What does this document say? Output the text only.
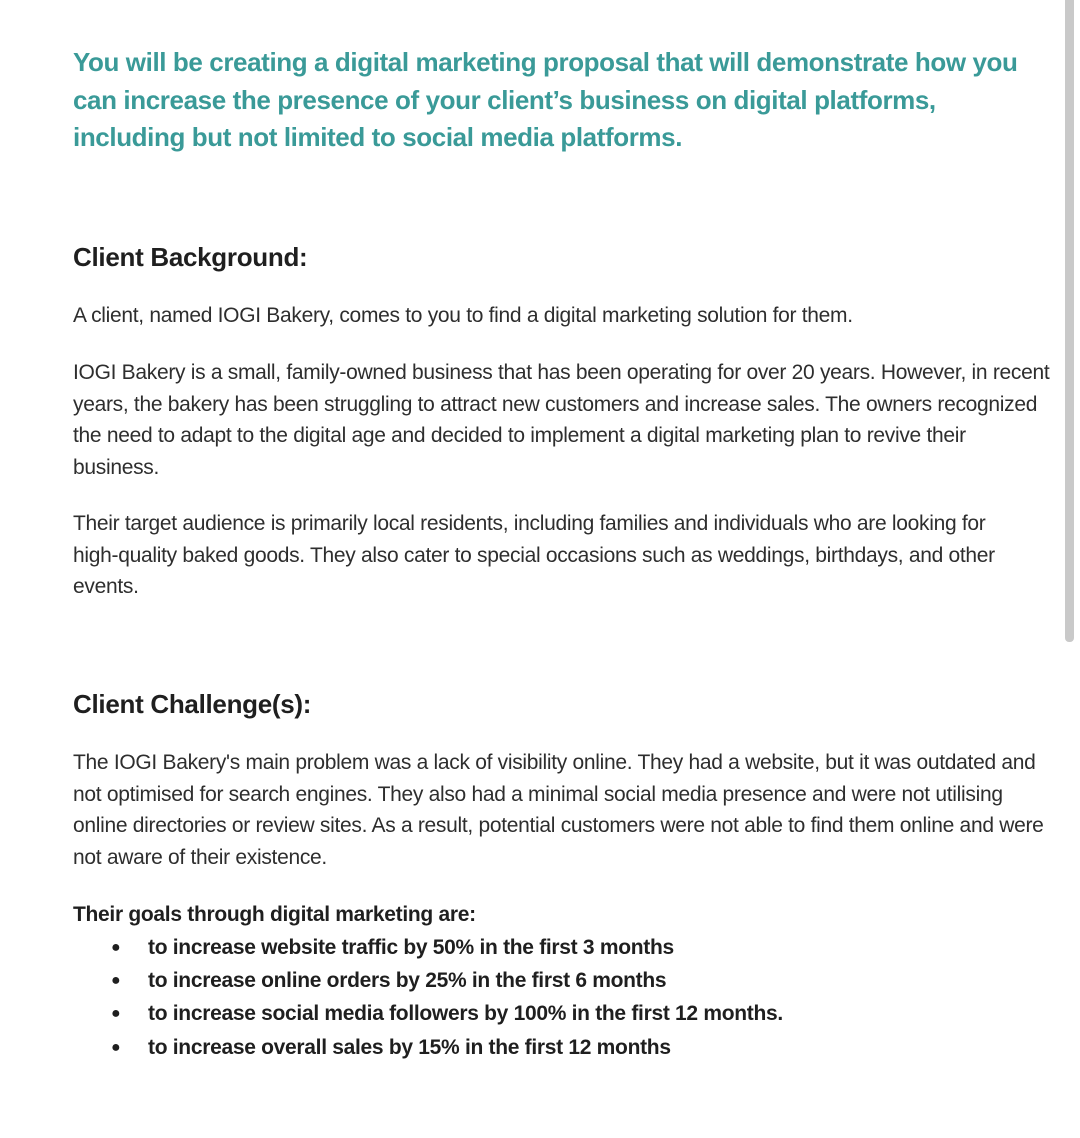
You will be creating a digital marketing proposal that will demonstrate how you can increase the presence of your client’s business on digital platforms, including but not limited to social media platforms.

Client Background:

A client, named IOGI Bakery, comes to you to find a digital marketing solution for them.

IOGI Bakery is a small, family-owned business that has been operating for over 20 years. However, in recent years, the bakery has been struggling to attract new customers and increase sales. The owners recognized the need to adapt to the digital age and decided to implement a digital marketing plan to revive their business.

Their target audience is primarily local residents, including families and individuals who are looking for high-quality baked goods. They also cater to special occasions such as weddings, birthdays, and other events.

Client Challenge(s):

The IOGI Bakery's main problem was a lack of visibility online. They had a website, but it was outdated and not optimised for search engines. They also had a minimal social media presence and were not utilising online directories or review sites. As a result, potential customers were not able to find them online and were not aware of their existence.

Their goals through digital marketing are:

● to increase website traffic by 50% in the first 3 months
● to increase online orders by 25% in the first 6 months
● to increase social media followers by 100% in the first 12 months.
● to increase overall sales by 15% in the first 12 months
